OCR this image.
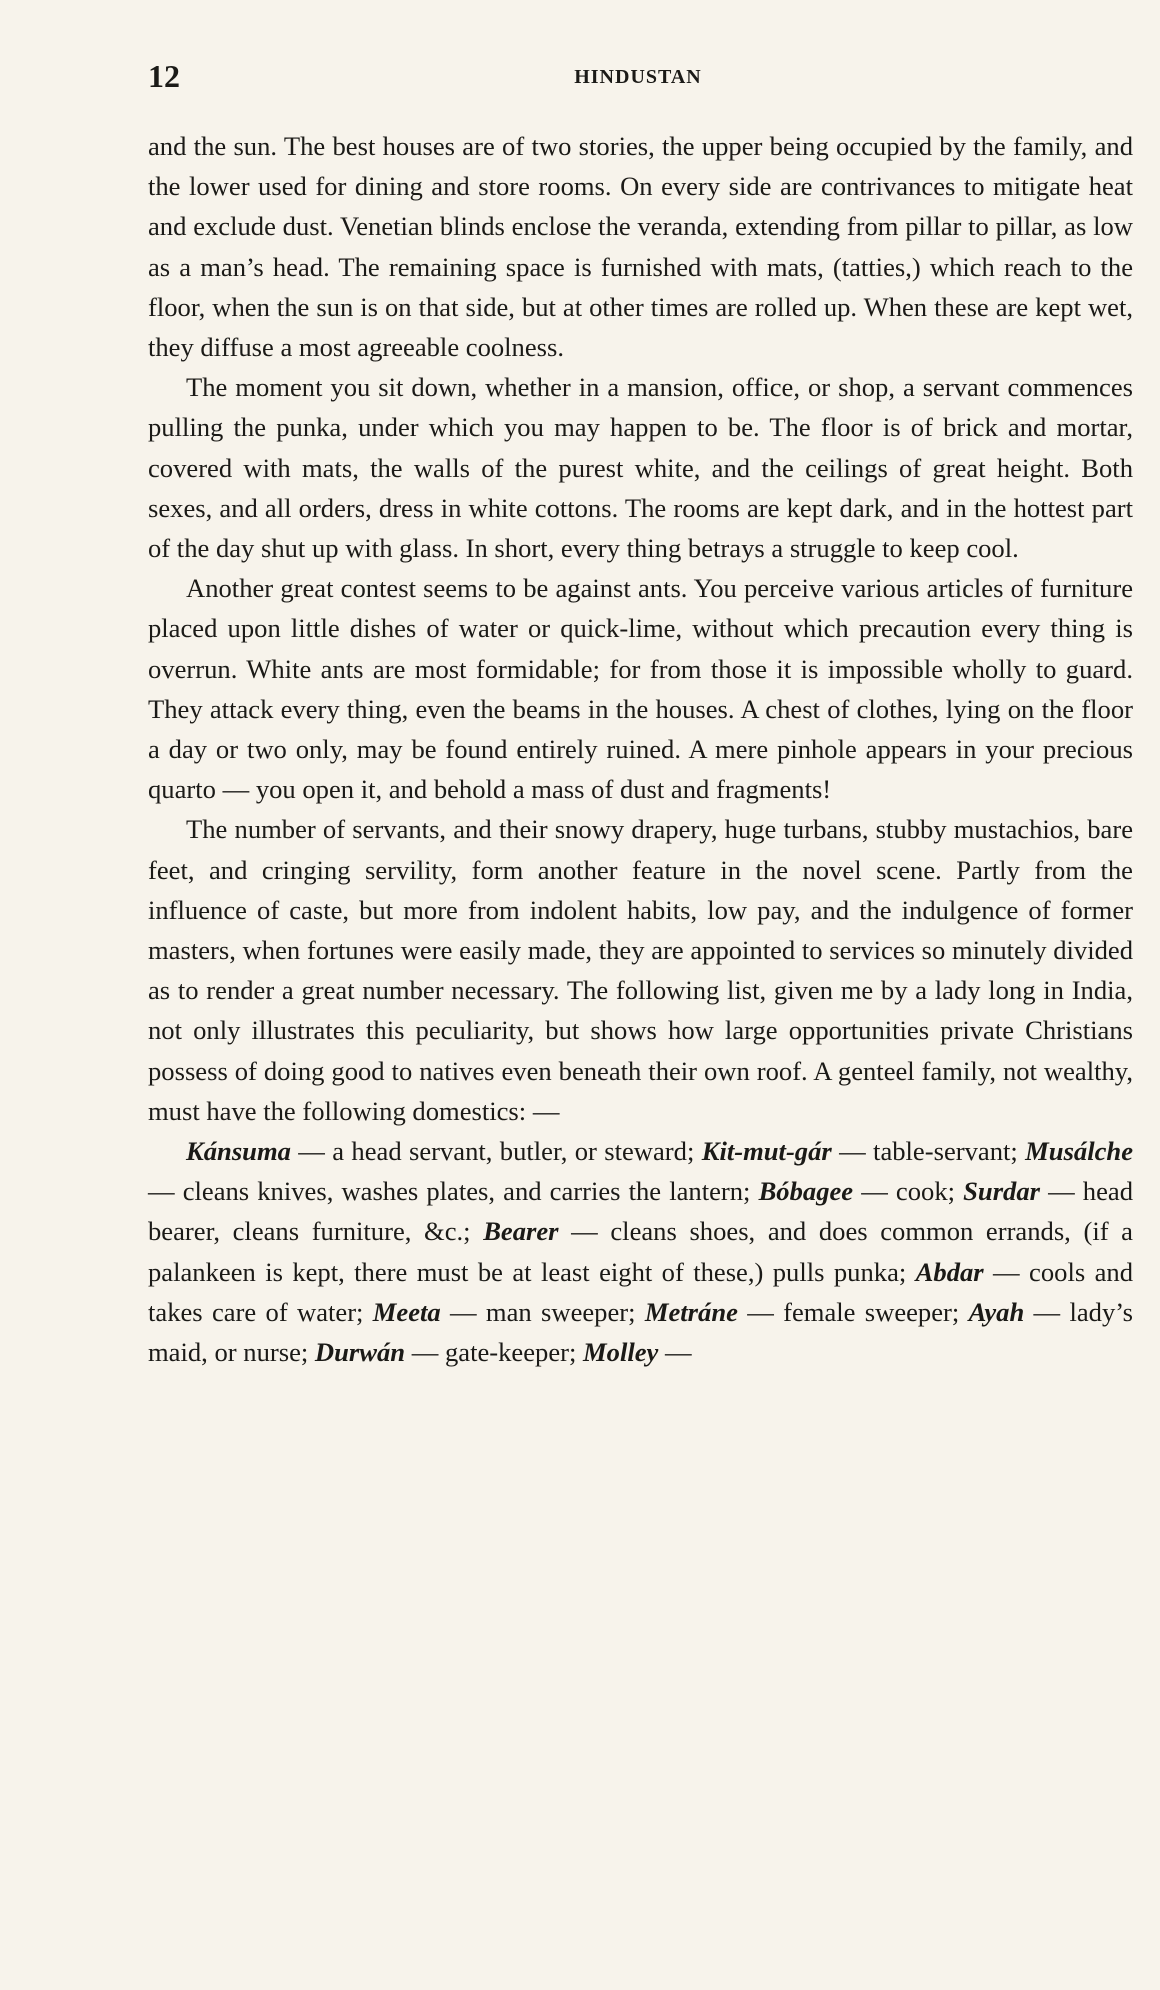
12	HINDUSTAN

and the sun. The best houses are of two stories, the upper being occupied by the family, and the lower used for dining and store rooms. On every side are contrivances to mitigate heat and exclude dust. Venetian blinds enclose the veranda, extending from pillar to pillar, as low as a man’s head. The remaining space is furnished with mats, (tatties,) which reach to the floor, when the sun is on that side, but at other times are rolled up. When these are kept wet, they diffuse a most agreeable coolness.

The moment you sit down, whether in a mansion, office, or shop, a servant commences pulling the punka, under which you may happen to be. The floor is of brick and mortar, covered with mats, the walls of the purest white, and the ceilings of great height. Both sexes, and all orders, dress in white cottons. The rooms are kept dark, and in the hottest part of the day shut up with glass. In short, every thing betrays a struggle to keep cool.

Another great contest seems to be against ants. You perceive various articles of furniture placed upon little dishes of water or quick-lime, without which precaution every thing is overrun. White ants are most formidable; for from those it is impossible wholly to guard. They attack every thing, even the beams in the houses. A chest of clothes, lying on the floor a day or two only, may be found entirely ruined. A mere pinhole appears in your precious quarto — you open it, and behold a mass of dust and fragments!

The number of servants, and their snowy drapery, huge turbans, stubby mustachios, bare feet, and cringing servility, form another feature in the novel scene. Partly from the influence of caste, but more from indolent habits, low pay, and the indulgence of former masters, when fortunes were easily made, they are appointed to services so minutely divided as to render a great number necessary. The following list, given me by a lady long in India, not only illustrates this peculiarity, but shows how large opportunities private Christians possess of doing good to natives even beneath their own roof. A genteel family, not wealthy, must have the following domestics: —

Kánsuma — a head servant, butler, or steward; Kit-mut-gár — table-servant; Musálche — cleans knives, washes plates, and carries the lantern; Bóbagee — cook; Surdar — head bearer, cleans furniture, &c.; Bearer — cleans shoes, and does common errands, (if a palankeen is kept, there must be at least eight of these,) pulls punka; Abdar — cools and takes care of water; Meeta — man sweeper; Metráne — female sweeper; Ayah — lady’s maid, or nurse; Durwán — gate-keeper; Molley —
